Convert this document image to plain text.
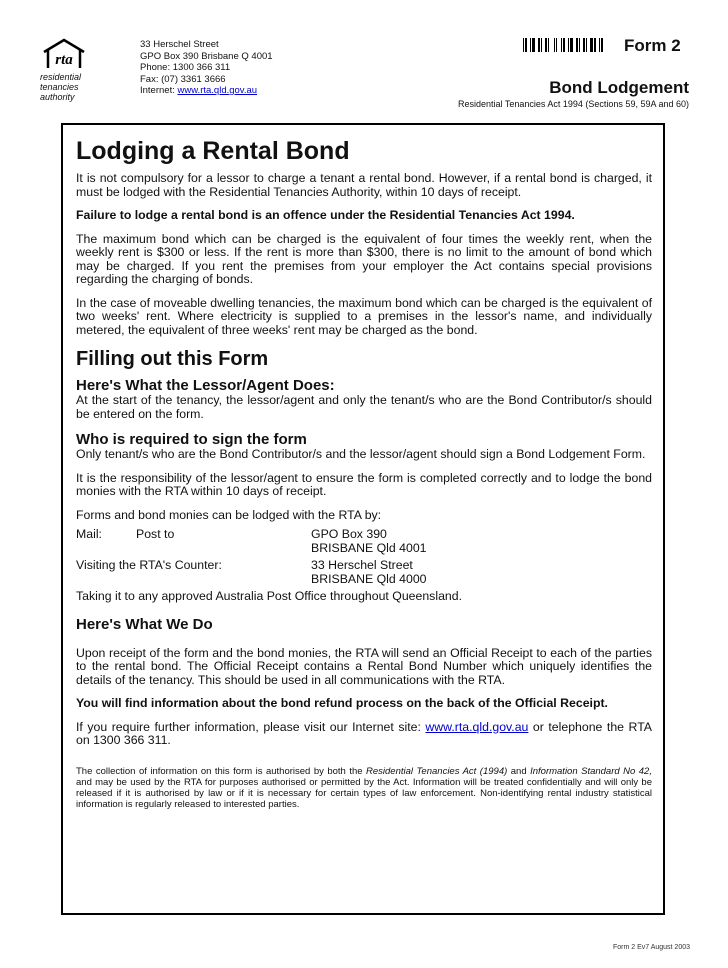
rta
residential
tenancies
authority
33 Herschel Street
GPO Box 390 Brisbane Q 4001
Phone: 1300 366 311
Fax: (07) 3361 3666
Internet: www.rta.qld.gov.au
Form 2
Bond Lodgement
Residential Tenancies Act 1994 (Sections 59, 59A and 60)
Lodging a Rental Bond

It is not compulsory for a lessor to charge a tenant a rental bond. However, if a rental bond is charged, it must be lodged with the Residential Tenancies Authority, within 10 days of receipt.

Failure to lodge a rental bond is an offence under the Residential Tenancies Act 1994.

The maximum bond which can be charged is the equivalent of four times the weekly rent, when the weekly rent is $300 or less. If the rent is more than $300, there is no limit to the amount of bond which may be charged. If you rent the premises from your employer the Act contains special provisions regarding the charging of bonds.

In the case of moveable dwelling tenancies, the maximum bond which can be charged is the equivalent of two weeks' rent. Where electricity is supplied to a premises in the lessor's name, and individually metered, the equivalent of three weeks' rent may be charged as the bond.

Filling out this Form
Here's What the Lessor/Agent Does:

At the start of the tenancy, the lessor/agent and only the tenant/s who are the Bond Contributor/s should be entered on the form.

Who is required to sign the form

Only tenant/s who are the Bond Contributor/s and the lessor/agent should sign a Bond Lodgement Form.

It is the responsibility of the lessor/agent to ensure the form is completed correctly and to lodge the bond monies with the RTA within 10 days of receipt.

Forms and bond monies can be lodged with the RTA by:

Mail:	Post to	GPO Box 390
BRISBANE Qld 4001
Visiting the RTA's Counter:	33 Herschel Street
BRISBANE Qld 4000

Taking it to any approved Australia Post Office throughout Queensland.

Here's What We Do

Upon receipt of the form and the bond monies, the RTA will send an Official Receipt to each of the parties to the rental bond. The Official Receipt contains a Rental Bond Number which uniquely identifies the details of the tenancy. This should be used in all communications with the RTA.

You will find information about the bond refund process on the back of the Official Receipt.

If you require further information, please visit our Internet site: www.rta.qld.gov.au or telephone the RTA on 1300 366 311.

The collection of information on this form is authorised by both the Residential Tenancies Act (1994) and Information Standard No 42, and may be used by the RTA for purposes authorised or permitted by the Act. Information will be treated confidentially and will only be released if it is authorised by law or if it is necessary for certain types of law enforcement. Non-identifying rental industry statistical information is regularly released to interested parties.

Form 2 Ev7 August 2003
